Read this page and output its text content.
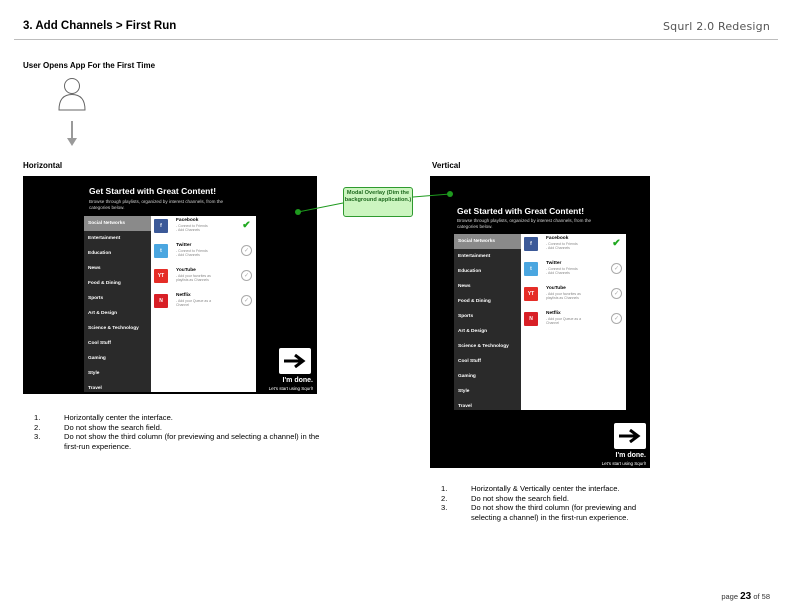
3. Add Channels > First Run	Squrl 2.0 Redesign
User Opens App For the First Time
Horizontal	Vertical
Get Started with Great Content!
Browse through playlists, organized by interest channels, from the categories below.
Social Networks
Entertainment
Education
News
Food & Dining
Sports
Art & Design
Science & Technology
Cool Stuff
Gaming
Style
Travel
f
Facebook
- Connect to Friends
- Add Channels	✔
t
Twitter
- Connect to Friends
- Add Channels
✓
YT
YouTube
- Add your favorites as playlists as Channels
✓
N
Netflix
- Add your Queue as a Channel
✓
I'm done.
Let's start using Squrl!
Get Started with Great Content!
Browse through playlists, organized by interest channels, from the categories below.
Social Networks
Entertainment
Education
News
Food & Dining
Sports
Art & Design
Science & Technology
Cool Stuff
Gaming
Style
Travel
f
Facebook
- Connect to Friends
- Add Channels	✔
t
Twitter
- Connect to Friends
- Add Channels
✓
YT
YouTube
- Add your favorites as playlists as Channels
✓
N
Netflix
- Add your Queue as a Channel
✓
I'm done.
Let's start using Squrl!
Modal Overlay (Dim the background application.)
1.	Horizontally center the interface.
2.	Do not show the search field.
3.	Do not show the third column (for previewing and selecting a channel) in the first-run experience.
1.	Horizontally & Vertically center the interface.
2.	Do not show the search field.
3.	Do not show the third column (for previewing and selecting a channel) in the first-run experience.
page 23 of 58
